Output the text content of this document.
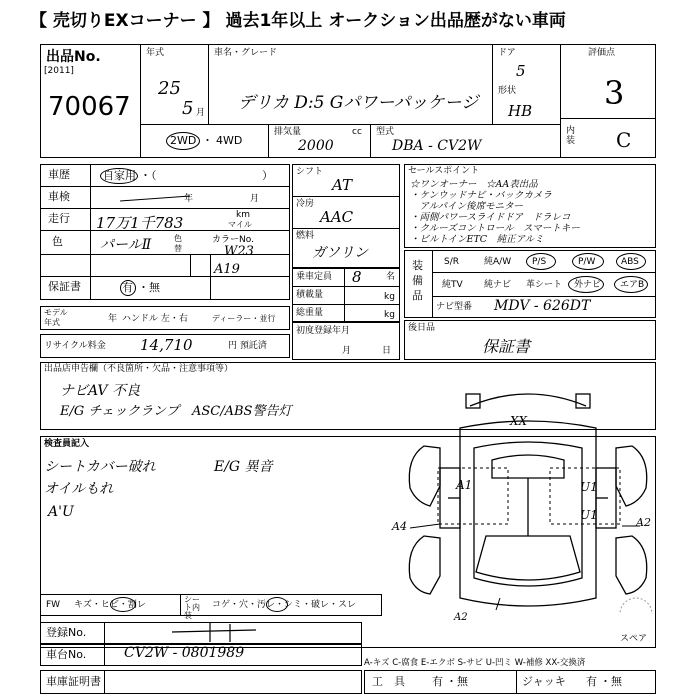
【 売切りEXコーナー 】 過去1年以上 オークション出品歴がない車両
出品No.
[2011]
70067
年式
25
5 月
車名・グレード
デリカ D:5 Gパワーパッケージ
ドア
5
形状
HB
評価点
3
内装 C
2WD ・ 4WD
排気量	cc
2000
型式
DBA - CV2W
車歴	自家用 ・（	）
車検	年	月
走行 17万1千783	km
マイル
色	パールⅡ	色替
カラーNo.
W23
A19
保証書	有 ・無
モデル年式	年 ハンドル 左・右	ディーラー・並行
リサイクル料金 14,710	円 預託済
シフト
AT
冷房
AAC
燃料
ガソリン
乗車定員 8	名
積載量	kg
総重量	kg
初度登録年月
月	日
セールスポイント
☆ワンオーナー　☆AA表出品
・ケンウッドナビ・バックカメラ
　アルパイン後席モニター
・両側パワースライドドア　ドラレコ
・クルーズコントロール　スマートキー
・ビルトインETC　純正アルミ
装備品
S/R	純A/W P/S	P/W	ABS
純TV 純ナビ 革シート 外ナビ エアB
ナビ型番 MDV - 626DT
後日品
保証書
出品店申告欄（不良箇所・欠品・注意事項等）
ナビAV 不良
E/G チェックランプ　ASC/ABS警告灯
検査員記入
シートカバー破れ	E/G 異音
オイルもれ
A'U
XX
A1	U1
U1
A4	A2
A2
スペア
FW キズ・ヒビ・割レ
シート内装
コゲ・穴・汚レ・シミ・破レ・スレ
登録No.
車台No.	CV2W - 0801989
車庫証明書
A-キズ C-腐食 E-エクボ S-サビ U-凹ミ W-補修 XX-交換済
工　具 有 ・無	ジャッキ 有 ・無
